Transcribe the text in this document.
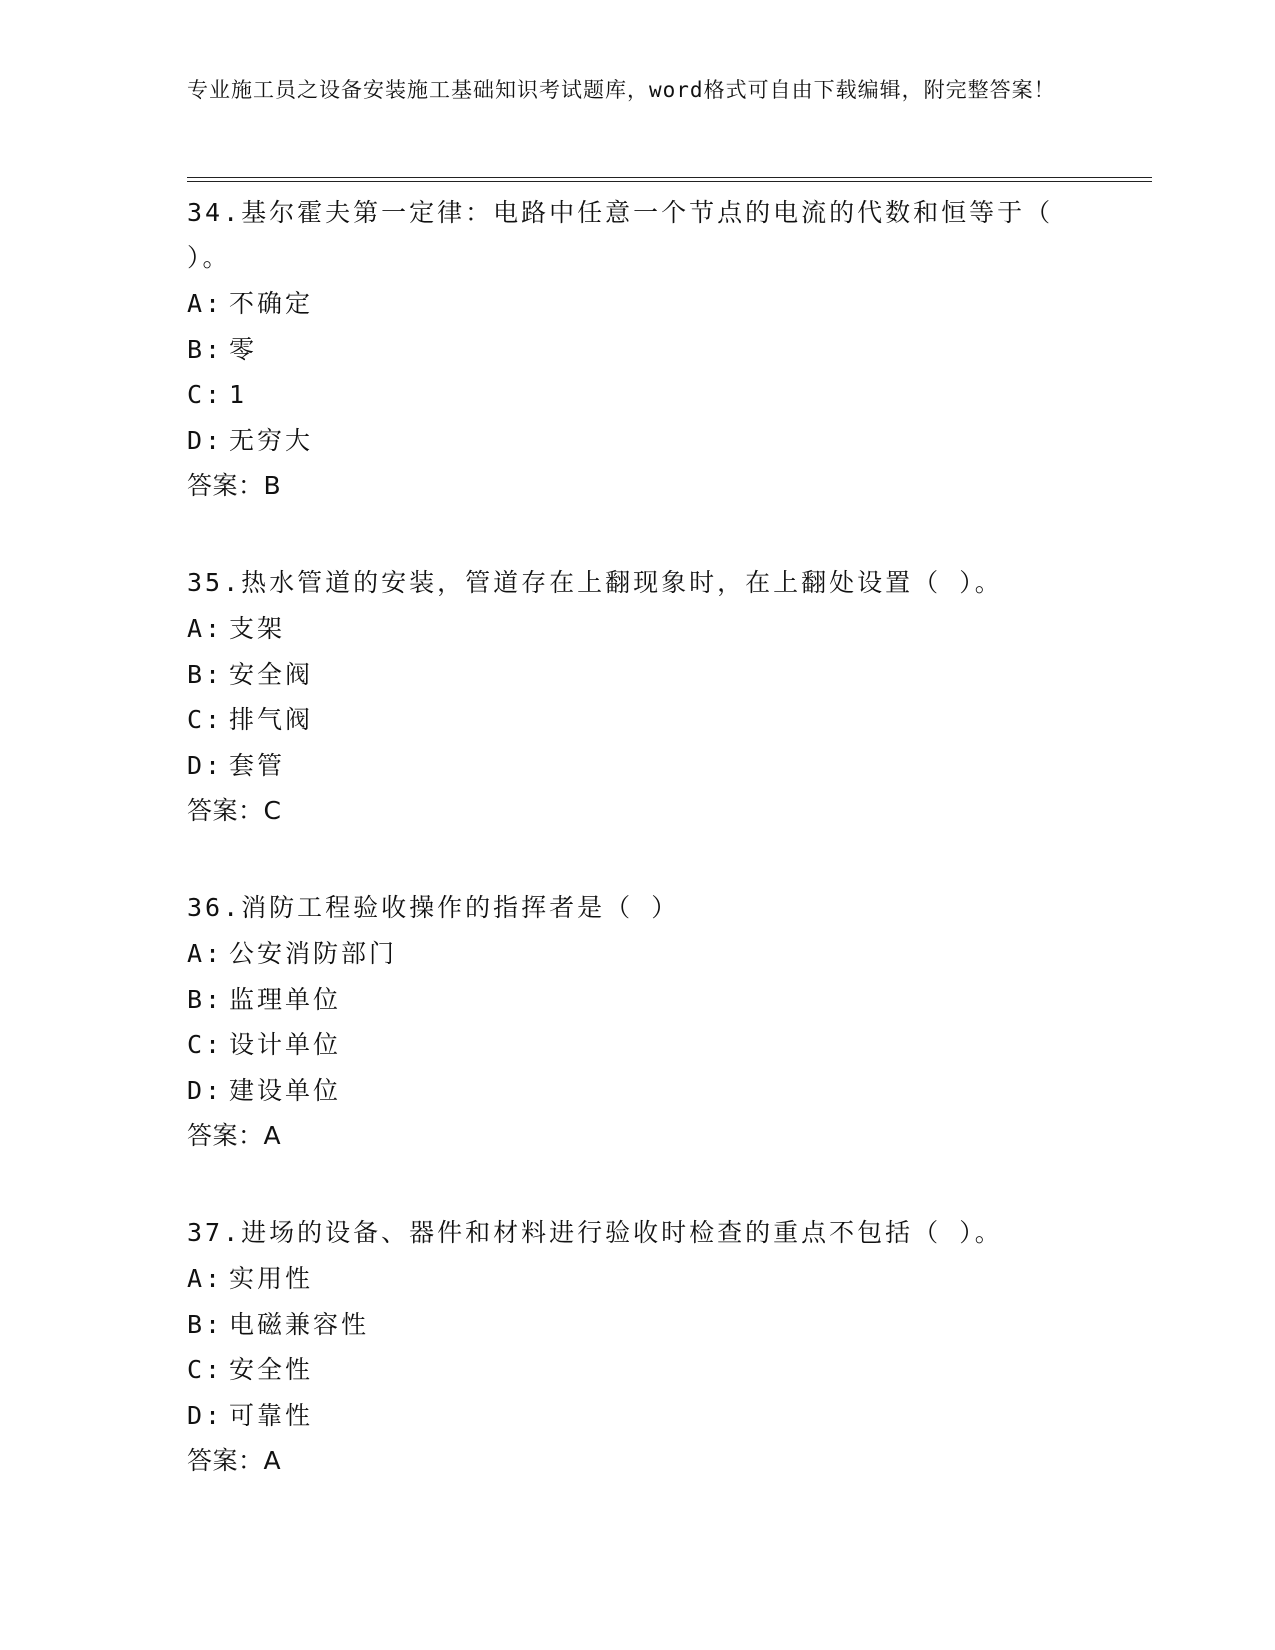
专业施工员之设备安装施工基础知识考试题库，word格式可自由下载编辑，附完整答案！
34.基尔霍夫第一定律：电路中任意一个节点的电流的代数和恒等于（ ）。
A: 不确定
B: 零
C: 1
D: 无穷大
答案：B
35.热水管道的安装，管道存在上翻现象时，在上翻处设置（ ）。
A: 支架
B: 安全阀
C: 排气阀
D: 套管
答案：C
36.消防工程验收操作的指挥者是（ ）
A: 公安消防部门
B: 监理单位
C: 设计单位
D: 建设单位
答案：A
37.进场的设备、器件和材料进行验收时检查的重点不包括（ ）。
A: 实用性
B: 电磁兼容性
C: 安全性
D: 可靠性
答案：A
